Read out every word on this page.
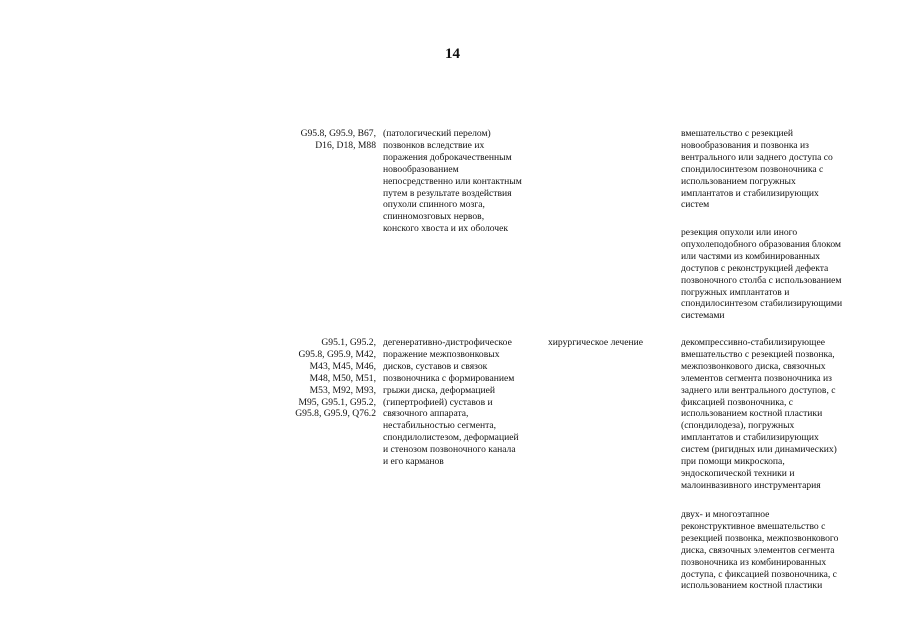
14

G95.8, G95.9, B67,
D16, D18, M88

(патологический перелом)
позвонков вследствие их
поражения доброкачественным
новообразованием
непосредственно или контактным
путем в результате воздействия
опухоли спинного мозга,
спинномозговых нервов,
конского хвоста и их оболочек

вмешательство с резекцией
новообразования и позвонка из
вентрального или заднего доступа со
спондилосинтезом позвоночника с
использованием погружных
имплантатов и стабилизирующих
систем

резекция опухоли или иного
опухолеподобного образования блоком
или частями из комбинированных
доступов с реконструкцией дефекта
позвоночного столба с использованием
погружных имплантатов и
спондилосинтезом стабилизирующими
системами

G95.1, G95.2,
G95.8, G95.9, M42,
M43, M45, M46,
M48, M50, M51,
M53, M92, M93,
M95, G95.1, G95.2,
G95.8, G95.9, Q76.2

дегенеративно-дистрофическое
поражение межпозвонковых
дисков, суставов и связок
позвоночника с формированием
грыжи диска, деформацией
(гипертрофией) суставов и
связочного аппарата,
нестабильностью сегмента,
спондилолистезом, деформацией
и стенозом позвоночного канала
и его карманов

хирургическое лечение	декомпрессивно-стабилизирующее
вмешательство с резекцией позвонка,
межпозвонкового диска, связочных
элементов сегмента позвоночника из
заднего или вентрального доступов, с
фиксацией позвоночника, с
использованием костной пластики
(спондилодеза), погружных
имплантатов и стабилизирующих
систем (ригидных или динамических)
при помощи микроскопа,
эндоскопической техники и
малоинвазивного инструментария

двух- и многоэтапное
реконструктивное вмешательство с
резекцией позвонка, межпозвонкового
диска, связочных элементов сегмента
позвоночника из комбинированных
доступа, с фиксацией позвоночника, с
использованием костной пластики
